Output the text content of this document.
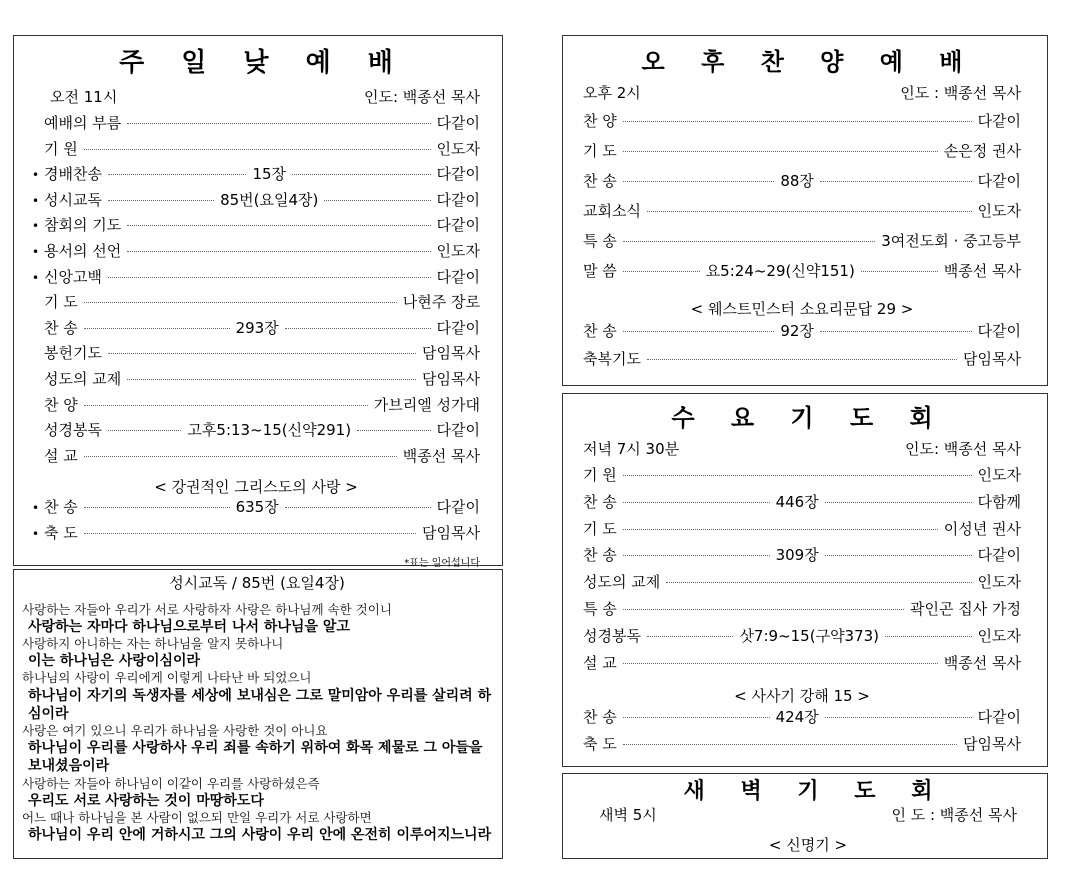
주 일 낮 예 배
오전 11시	인도: 백종선 목사
예배의 부름	다같이
기 원	인도자
• 경배찬송	15장	다같이
• 성시교독	85번(요일4장)	다같이
• 참회의 기도	다같이
• 용서의 선언	인도자
• 신앙고백	다같이
기 도	나현주 장로
찬 송	293장	다같이
봉헌기도	담임목사
성도의 교제	담임목사
찬 양	가브리엘 성가대
성경봉독	고후5:13~15(신약291)	다같이
설 교	백종선 목사
< 강권적인 그리스도의 사랑 >
• 찬 송	635장	다같이
• 축 도	담임목사
*표는 일어섭니다
성시교독 / 85번 (요일4장)
사랑하는 자들아 우리가 서로 사랑하자 사랑은 하나님께 속한 것이니
사랑하는 자마다 하나님으로부터 나서 하나님을 알고
사랑하지 아니하는 자는 하나님을 알지 못하나니
이는 하나님은 사랑이심이라
하나님의 사랑이 우리에게 이렇게 나타난 바 되었으니
하나님이 자기의 독생자를 세상에 보내심은 그로 말미암아 우리를 살리려 하심이라
사랑은 여기 있으니 우리가 하나님을 사랑한 것이 아니요
하나님이 우리를 사랑하사 우리 죄를 속하기 위하여 화목 제물로 그 아들을 보내셨음이라
사랑하는 자들아 하나님이 이같이 우리를 사랑하셨은즉
우리도 서로 사랑하는 것이 마땅하도다
어느 때나 하나님을 본 사람이 없으되 만일 우리가 서로 사랑하면
하나님이 우리 안에 거하시고 그의 사랑이 우리 안에 온전히 이루어지느니라
오 후 찬 양 예 배
오후 2시	인도 : 백종선 목사
찬 양	다같이
기 도	손은정 권사
찬 송	88장	다같이
교회소식	인도자
특 송	3여전도회 · 중고등부
말 씀	요5:24~29(신약151)	백종선 목사
< 웨스트민스터 소요리문답 29 >
찬 송	92장	다같이
축복기도	담임목사
수 요 기 도 회
저녁 7시 30분	인도: 백종선 목사
기 원	인도자
찬 송	446장	다함께
기 도	이성년 권사
찬 송	309장	다같이
성도의 교제	인도자
특 송	곽인곤 집사 가정
성경봉독	삿7:9~15(구약373)	인도자
설 교	백종선 목사
< 사사기 강해 15 >
찬 송	424장	다같이
축 도	담임목사
새 벽 기 도 회
새벽 5시	인 도 : 백종선 목사
< 신명기 >
